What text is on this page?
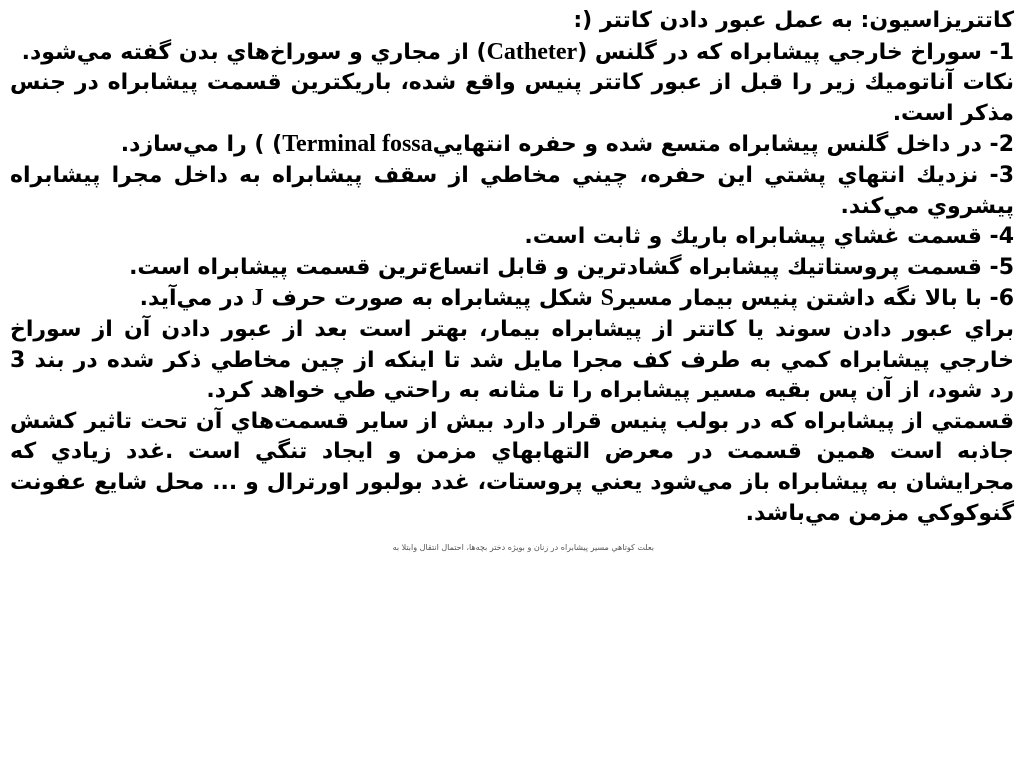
كاتتريزاسيون: به عمل عبور دادن كاتتر (:

1- سوراخ خارجي پيشابراه كه در گلنس (Catheter) از مجاري و سوراخ‌هاي بدن گفته مي‌شود.

نكات آناتوميك زير را قبل از عبور كاتتر پنيس واقع شده، باريكترين قسمت پيشابراه در جنس مذكر است.

2- در داخل گلنس پيشابراه متسع شده و حفره انتهاييTerminal fossa) ) را مي‌سازد.

3- نزديك انتهاي پشتي اين حفره، چيني مخاطي از سقف پيشابراه به داخل مجرا پيشابراه پيشروي مي‌كند.

4- قسمت غشاي پيشابراه باريك و ثابت است.

5- قسمت پروستاتيك پيشابراه گشادترين و قابل اتساع‌ترين قسمت پيشابراه است.

6- با بالا نگه داشتن پنيس بيمار مسيرS شكل پيشابراه به صورت حرف J در مي‌آيد.

براي عبور دادن سوند يا كاتتر از پيشابراه بيمار، بهتر است بعد از عبور دادن آن از سوراخ خارجي پيشابراه كمي به طرف كف مجرا مايل شد تا اينكه از چين مخاطي ذكر شده در بند 3 رد شود، از آن پس بقيه مسير پيشابراه را تا مثانه به راحتي طي خواهد كرد.

قسمتي از پيشابراه كه در بولب پنيس قرار دارد بيش از ساير قسمت‌هاي آن تحت تاثير كشش جاذبه است همين قسمت در معرض التهابهاي مزمن و ايجاد تنگي است .غدد زيادي كه مجرايشان به پيشابراه باز مي‌شود يعني پروستات، غدد بولبور اورترال و ... محل شايع عفونت گنوكوكي مزمن مي‌باشد.

بعلت كوتاهي مسير پيشابراه در زنان و بويژه دختر بچه‌ها، احتمال انتقال وابتلا به
